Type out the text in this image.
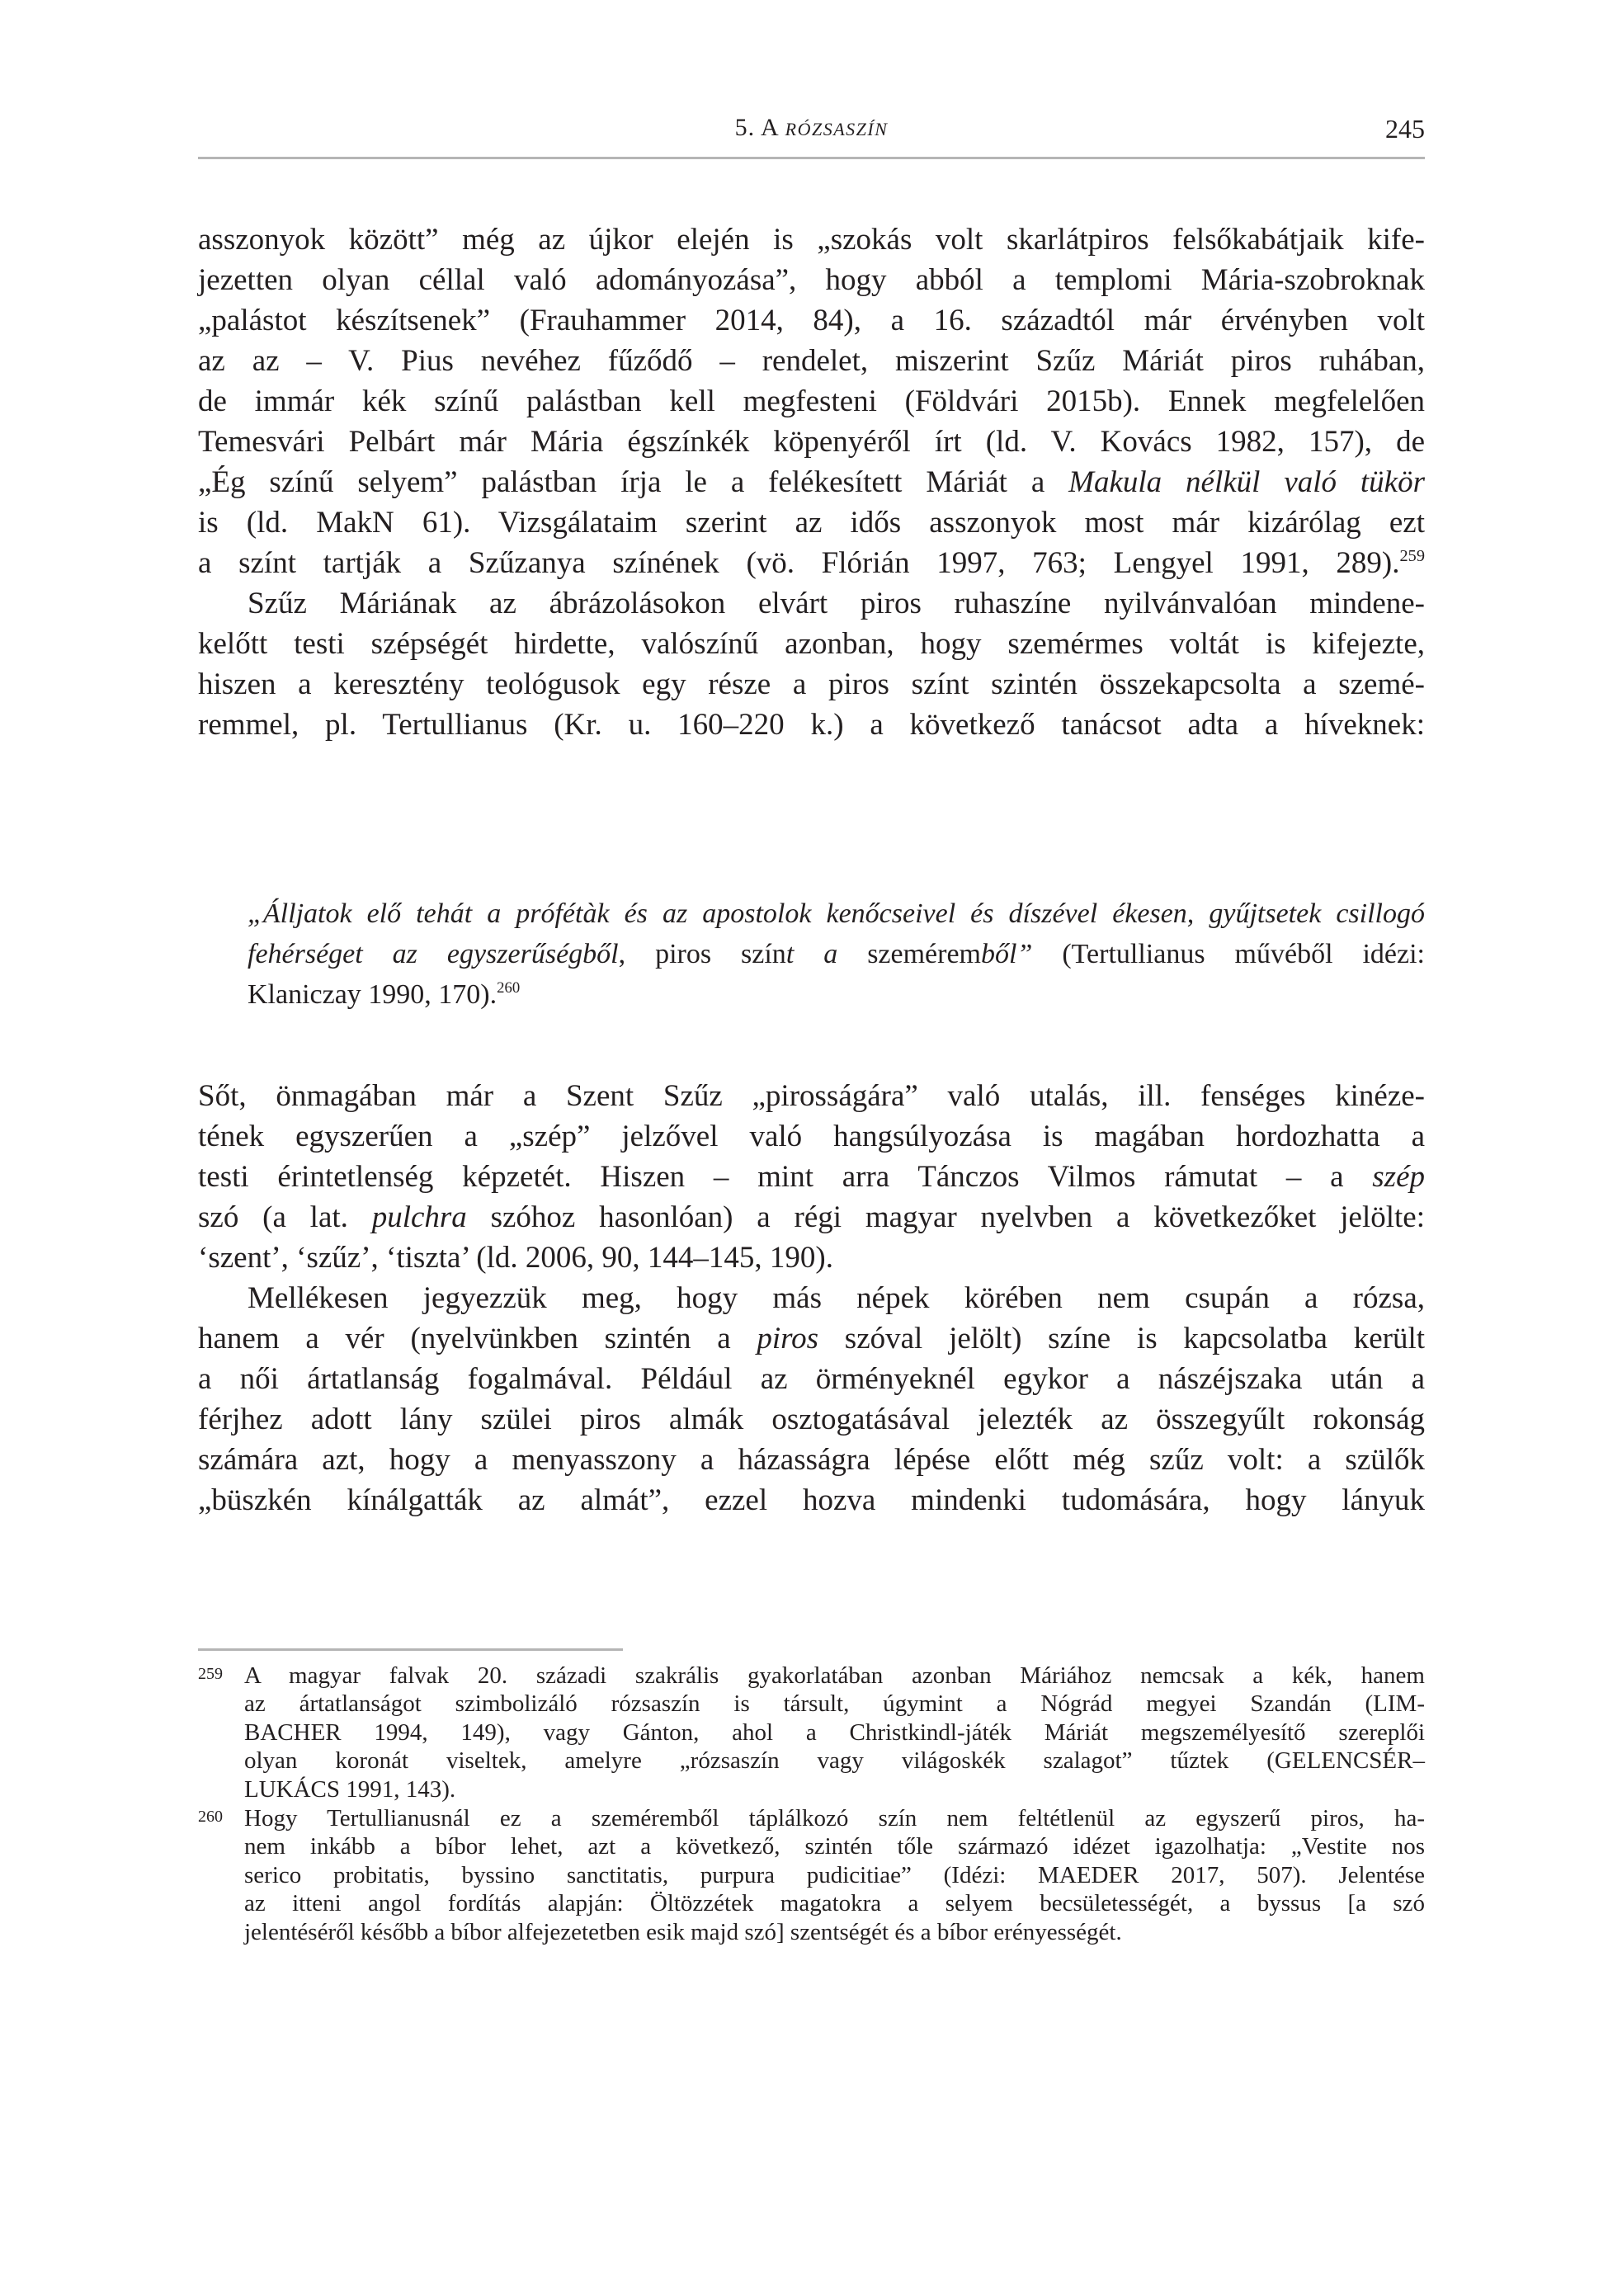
5. A RÓZSASZÍN	245
asszonyok között” még az újkor elején is „szokás volt skarlátpiros felsőkabátjaik kife-
jezetten olyan céllal való adományozása”, hogy abból a templomi Mária-szobroknak
„palástot készítsenek” (Frauhammer 2014, 84), a 16. századtól már érvényben volt
az az – V. Pius nevéhez fűződő – rendelet, miszerint Szűz Máriát piros ruhában,
de immár kék színű palástban kell megfesteni (Földvári 2015b). Ennek megfelelően
Temesvári Pelbárt már Mária égszínkék köpenyéről írt (ld. V. Kovács 1982, 157), de
„Ég színű selyem” palástban írja le a felékesített Máriát a Makula nélkül való tükör
is (ld. MakN 61). Vizsgálataim szerint az idős asszonyok most már kizárólag ezt
a színt tartják a Szűzanya színének (vö. Flórián 1997, 763; Lengyel 1991, 289).$^{259}$
Szűz Máriának az ábrázolásokon elvárt piros ruhaszíne nyilvánvalóan mindene-
kelőtt testi szépségét hirdette, valószínű azonban, hogy szemérmes voltát is kifejezte,
hiszen a keresztény teológusok egy része a piros színt szintén összekapcsolta a szemé-
remmel, pl. Tertullianus (Kr. u. 160–220 k.) a következő tanácsot adta a híveknek:
„Álljatok elő tehát a prófétàk és az apostolok kenőcseivel és díszével ékesen, gyűjtsetek csillogó
fehérséget az egyszerűségből, piros színt a szeméremből” (Tertullianus művéből idézi:
Klaniczay 1990, 170).$^{260}$
Sőt, önmagában már a Szent Szűz „pirosságára” való utalás, ill. fenséges kinéze-
tének egyszerűen a „szép” jelzővel való hangsúlyozása is magában hordozhatta a
testi érintetlenség képzetét. Hiszen – mint arra Tánczos Vilmos rámutat – a szép
szó (a lat. pulchra szóhoz hasonlóan) a régi magyar nyelvben a következőket jelölte:
‘szent’, ‘szűz’, ‘tiszta’ (ld. 2006, 90, 144–145, 190).
Mellékesen jegyezzük meg, hogy más népek körében nem csupán a rózsa,
hanem a vér (nyelvünkben szintén a piros szóval jelölt) színe is kapcsolatba került
a női ártatlanság fogalmával. Például az örményeknél egykor a nászéjszaka után a
férjhez adott lány szülei piros almák osztogatásával jelezték az összegyűlt rokonság
számára azt, hogy a menyasszony a házasságra lépése előtt még szűz volt: a szülők
„büszkén kínálgatták az almát”, ezzel hozva mindenki tudomására, hogy lányuk
259 A magyar falvak 20. századi szakrális gyakorlatában azonban Máriához nemcsak a kék, hanem
az ártatlanságot szimbolizáló rózsaszín is társult, úgymint a Nógrád megyei Szandán (LIM-
BACHER 1994, 149), vagy Gánton, ahol a Christkindl-játék Máriát megszemélyesítő szereplői
olyan koronát viseltek, amelyre „rózsaszín vagy világoskék szalagot” tűztek (GELENCSÉR–
LUKÁCS 1991, 143).
260 Hogy Tertullianusnál ez a szeméremből táplálkozó szín nem feltétlenül az egyszerű piros, ha-
nem inkább a bíbor lehet, azt a következő, szintén tőle származó idézet igazolhatja: „Vestite nos
serico probitatis, byssino sanctitatis, purpura pudicitiae” (Idézi: MAEDER 2017, 507). Jelentése
az itteni angol fordítás alapján: Öltözzétek magatokra a selyem becsületességét, a byssus [a szó
jelentéséről később a bíbor alfejezetetben esik majd szó] szentségét és a bíbor erényességét.
